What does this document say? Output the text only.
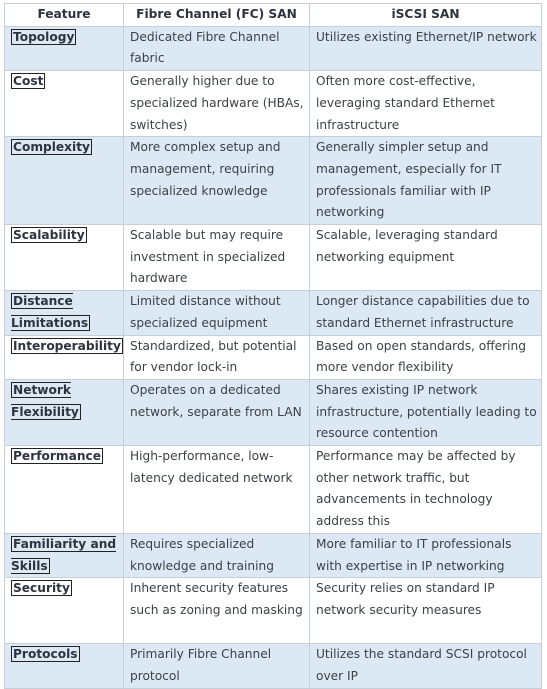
Feature	Fibre Channel (FC) SAN	iSCSI SAN
Topology	Dedicated Fibre Channel fabric	Utilizes existing Ethernet/IP network
Cost	Generally higher due to specialized hardware (HBAs, switches)	Often more cost-effective, leveraging standard Ethernet infrastructure
Complexity	More complex setup and management, requiring specialized knowledge	Generally simpler setup and management, especially for IT professionals familiar with IP networking
Scalability	Scalable but may require investment in specialized hardware	Scalable, leveraging standard networking equipment
Distance Limitations	Limited distance without specialized equipment	Longer distance capabilities due to standard Ethernet infrastructure
Interoperability	Standardized, but potential for vendor lock-in	Based on open standards, offering more vendor flexibility
Network Flexibility	Operates on a dedicated network, separate from LAN	Shares existing IP network infrastructure, potentially leading to resource contention
Performance	High-performance, low-latency dedicated network	Performance may be affected by other network traffic, but advancements in technology address this
Familiarity and Skills	Requires specialized knowledge and training	More familiar to IT professionals with expertise in IP networking
Security	Inherent security features such as zoning and masking	Security relies on standard IP network security measures
Protocols	Primarily Fibre Channel protocol	Utilizes the standard SCSI protocol over IP
